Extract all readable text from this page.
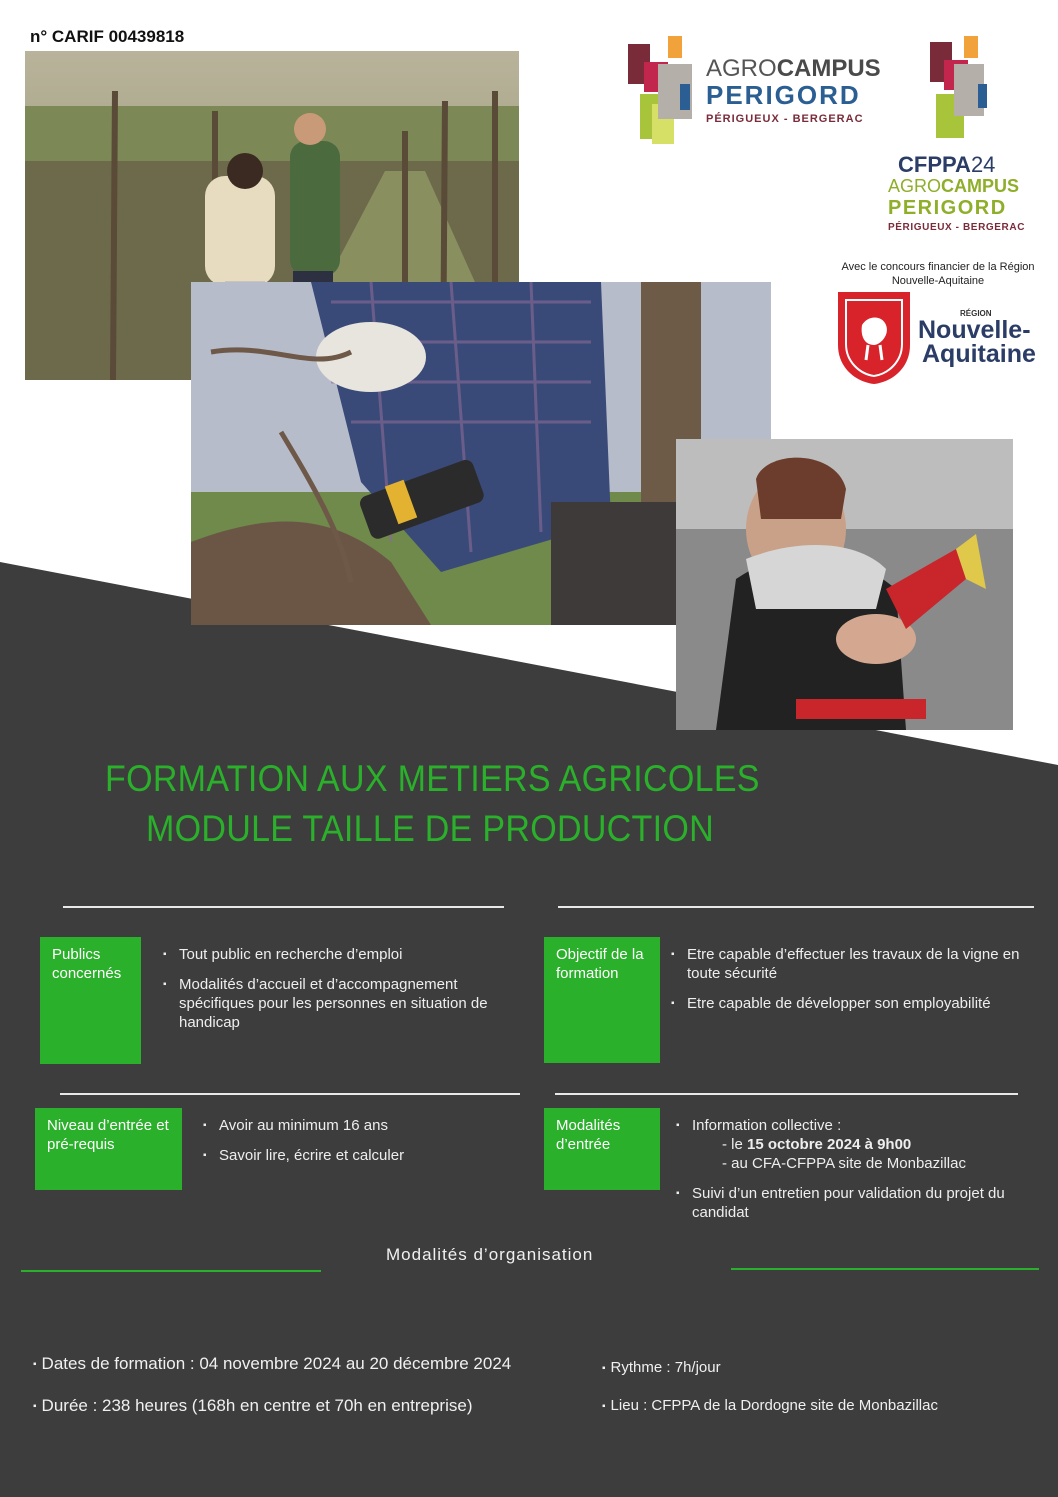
n° CARIF 00439818
AGROCAMPUS
PERIGORD
PÉRIGUEUX - BERGERAC
CFPPA24
AGROCAMPUS
PERIGORD
PÉRIGUEUX - BERGERAC
Avec le concours financier de la Région Nouvelle-Aquitaine
RÉGION
Nouvelle-
Aquitaine
FORMATION AUX METIERS AGRICOLES
MODULE TAILLE DE PRODUCTION
Publics concernés
▪ Tout public en recherche d’emploi
▪ Modalités d’accueil et d’accompagnement spécifiques pour les personnes en situation de handicap
Objectif de la formation
▪ Etre capable d’effectuer les travaux de la vigne en toute sécurité
▪ Etre capable de développer son employabilité
Niveau d’entrée et pré-requis
▪ Avoir au minimum 16 ans
▪ Savoir lire, écrire et calculer
Modalités d’entrée
▪ Information collective :
- le 15 octobre 2024 à 9h00
- au CFA-CFPPA site de Monbazillac
▪ Suivi d’un entretien pour validation du projet du candidat
Modalités d’organisation
▪ Dates de formation : 04 novembre 2024 au 20 décembre 2024
▪ Durée : 238 heures (168h en centre et 70h en entreprise)
▪ Rythme : 7h/jour
▪ Lieu : CFPPA de la Dordogne site de Monbazillac
